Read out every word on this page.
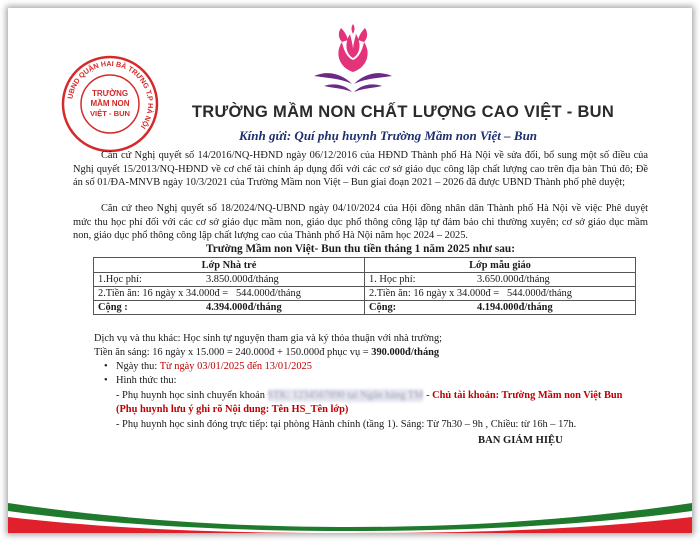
UBND QUẬN HAI BÀ TRƯNG T.P HÀ NỘI
TRƯỜNG
MẦM NON
VIỆT - BUN	TRƯỜNG MẦM NON CHẤT LƯỢNG CAO VIỆT - BUN
Kính gửi: Quí phụ huynh Trường Mầm non Việt – Bun
Căn cứ Nghị quyết số 14/2016/NQ-HĐND ngày 06/12/2016 của HĐND Thành phố Hà Nội về sửa đổi, bổ sung một số điều của Nghị quyết 15/2013/NQ-HĐND về cơ chế tài chính áp dụng đối với các cơ sở giáo dục công lập chất lượng cao trên địa bàn Thủ đô; Đề án số 01/ĐA-MNVB ngày 10/3/2021 của Trường Mầm non Việt – Bun giai đoạn 2021 – 2026 đã được UBND Thành phố phê duyệt;
Căn cứ theo Nghị quyết số 18/2024/NQ-UBND ngày 04/10/2024 của Hội đồng nhân dân Thành phố Hà Nội về việc Phê duyệt mức thu học phí đối với các cơ sở giáo dục mầm non, giáo dục phổ thông công lập tự đảm bảo chi thường xuyên; cơ sở giáo dục mầm non, giáo dục phổ thông công lập chất lượng cao của Thành phố Hà Nội năm học 2024 – 2025.
Trường Mầm non Việt- Bun thu tiền tháng 1 năm 2025 như sau:
Lớp Nhà trẻ	Lớp mẫu giáo
1.Học phí: 3.850.000đ/tháng	1. Học phí: 3.650.000đ/tháng
2.Tiền ăn: 16 ngày x 34.000đ = 544.000đ/tháng	2.Tiền ăn: 16 ngày x 34.000đ = 544.000đ/tháng
Cộng : 4.394.000đ/tháng	Cộng: 4.194.000đ/tháng
Dịch vụ và thu khác: Học sinh tự nguyện tham gia và ký thỏa thuận với nhà trường;
Tiền ăn sáng: 16 ngày x 15.000 = 240.000đ + 150.000đ phục vụ = 390.000đ/tháng
• Ngày thu: Từ ngày 03/01/2025 đến 13/01/2025
• Hình thức thu:
- Phụ huynh học sinh chuyển khoản STK: 1234567890 tại Ngân hàng TM - Chủ tài khoản: Trường Mầm non Việt Bun
(Phụ huynh lưu ý ghi rõ Nội dung: Tên HS_Tên lớp)
- Phụ huynh học sinh đóng trực tiếp: tại phòng Hành chính (tầng 1). Sáng: Từ 7h30 – 9h , Chiều: từ 16h – 17h.
BAN GIÁM HIỆU
